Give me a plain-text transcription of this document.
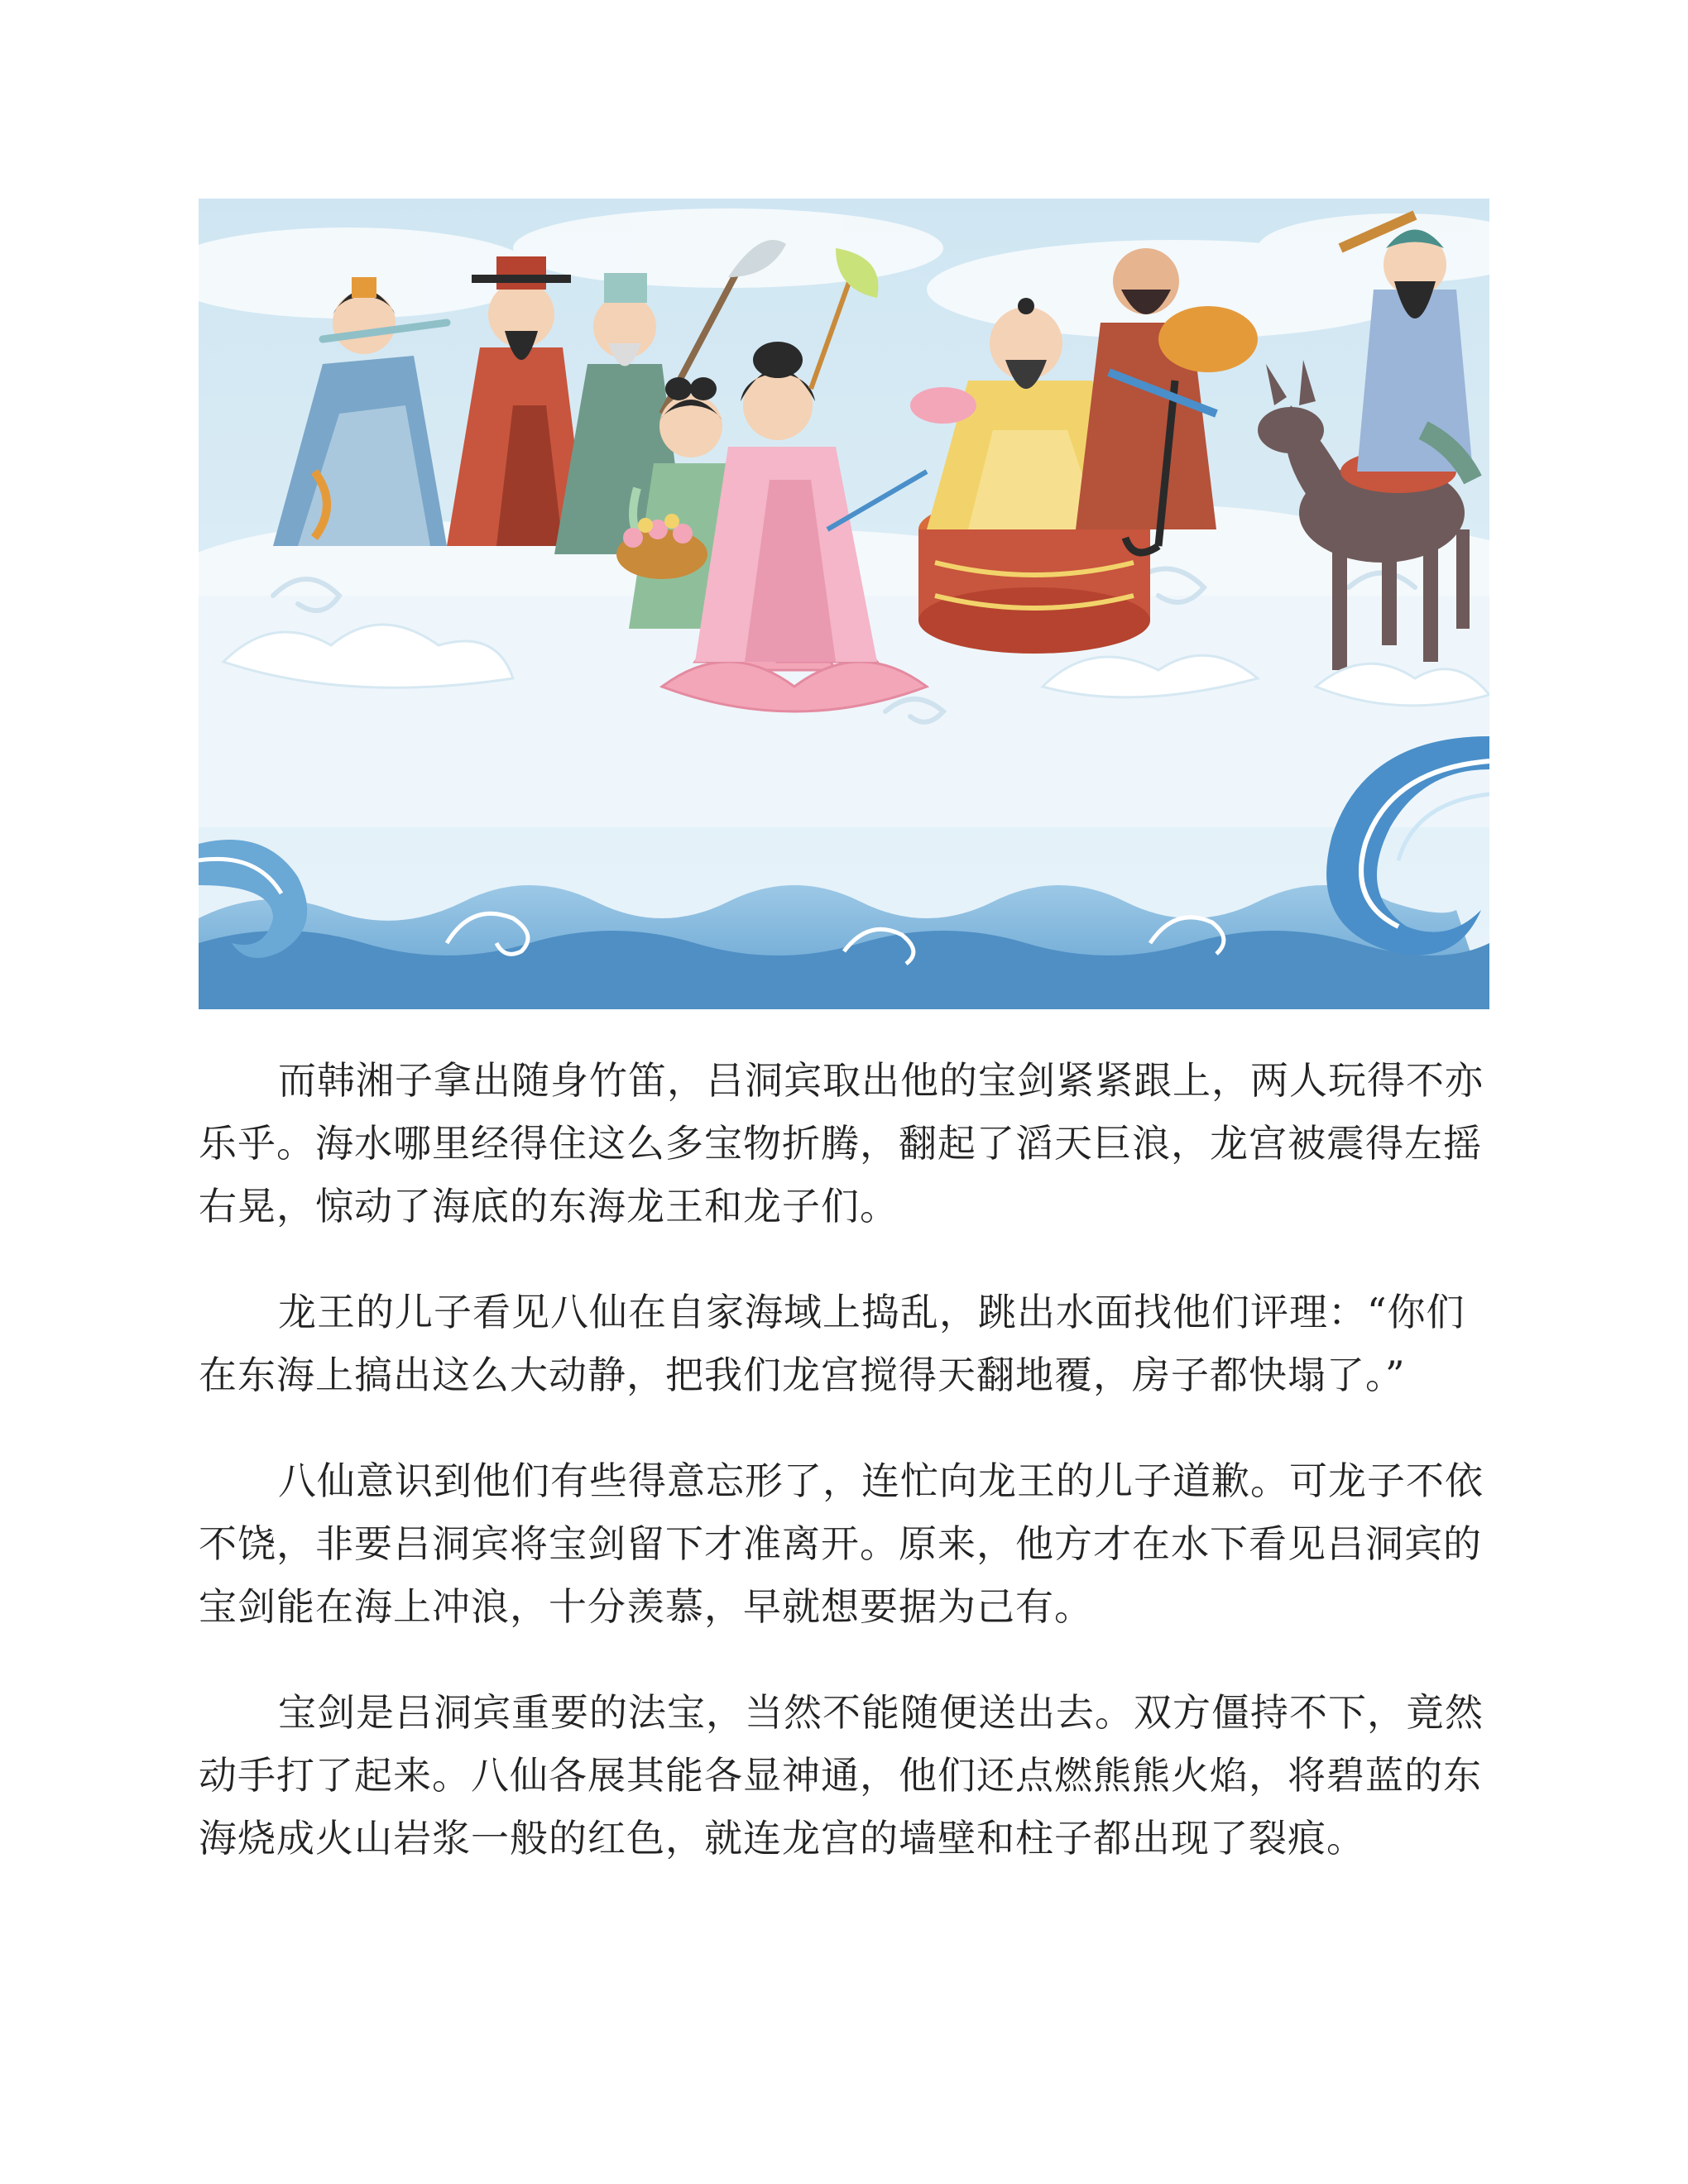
而韩湘子拿出随身竹笛，吕洞宾取出他的宝剑紧紧跟上，两人玩得不亦乐乎。海水哪里经得住这么多宝物折腾，翻起了滔天巨浪，龙宫被震得左摇右晃，惊动了海底的东海龙王和龙子们。

龙王的儿子看见八仙在自家海域上捣乱，跳出水面找他们评理：“你们在东海上搞出这么大动静，把我们龙宫搅得天翻地覆，房子都快塌了。”

八仙意识到他们有些得意忘形了，连忙向龙王的儿子道歉。可龙子不依不饶，非要吕洞宾将宝剑留下才准离开。原来，他方才在水下看见吕洞宾的宝剑能在海上冲浪，十分羡慕，早就想要据为己有。

宝剑是吕洞宾重要的法宝，当然不能随便送出去。双方僵持不下，竟然动手打了起来。八仙各展其能各显神通，他们还点燃熊熊火焰，将碧蓝的东海烧成火山岩浆一般的红色，就连龙宫的墙壁和柱子都出现了裂痕。
